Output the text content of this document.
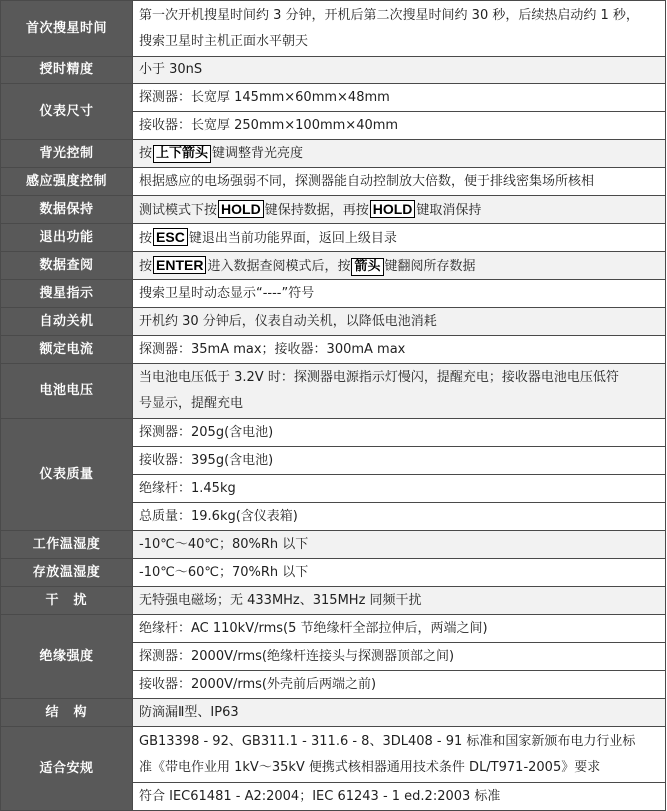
首次搜星时间	第一次开机搜星时间约 3 分钟，开机后第二次搜星时间约 30 秒，后续热启动约 1 秒，
搜索卫星时主机正面水平朝天

授时精度	小于 30nS
仪表尺寸	探测器：长宽厚 145mm×60mm×48mm
	接收器：长宽厚 250mm×100mm×40mm
背光控制	按 上下箭头 键调整背光亮度
感应强度控制	根据感应的电场强弱不同，探测器能自动控制放大倍数，便于排线密集场所核相
数据保持	测试模式下按 HOLD 键保持数据，再按 HOLD 键取消保持
退出功能	按 ESC 键退出当前功能界面，返回上级目录
数据查阅	按 ENTER 进入数据查阅模式后，按 箭头 键翻阅所存数据
搜星指示	搜索卫星时动态显示“----”符号
自动关机	开机约 30 分钟后，仪表自动关机，以降低电池消耗
额定电流	探测器：35mA max；接收器：300mA max
电池电压	当电池电压低于 3.2V 时：探测器电源指示灯慢闪，提醒充电；接收器电池电压低符
号显示，提醒充电

仪表质量	探测器：205g(含电池)
	接收器：395g(含电池)
	绝缘杆：1.45kg
	总质量：19.6kg(含仪表箱)
工作温湿度	-10℃～40℃；80%Rh 以下
存放温湿度	-10℃～60℃；70%Rh 以下
干　扰	无特强电磁场；无 433MHz、315MHz 同频干扰
绝缘强度	绝缘杆：AC 110kV/rms(5 节绝缘杆全部拉伸后，两端之间)
	探测器：2000V/rms(绝缘杆连接头与探测器顶部之间)
	接收器：2000V/rms(外壳前后两端之前)
结　构	防滴漏Ⅱ型、IP63
适合安规	GB13398 - 92、GB311.1 - 311.6 - 8、3DL408 - 91 标准和国家新颁布电力行业标
准《带电作业用 1kV～35kV 便携式核相器通用技术条件 DL/T971-2005》要求

	符合 IEC61481 - A2:2004；IEC 61243 - 1 ed.2:2003 标准
